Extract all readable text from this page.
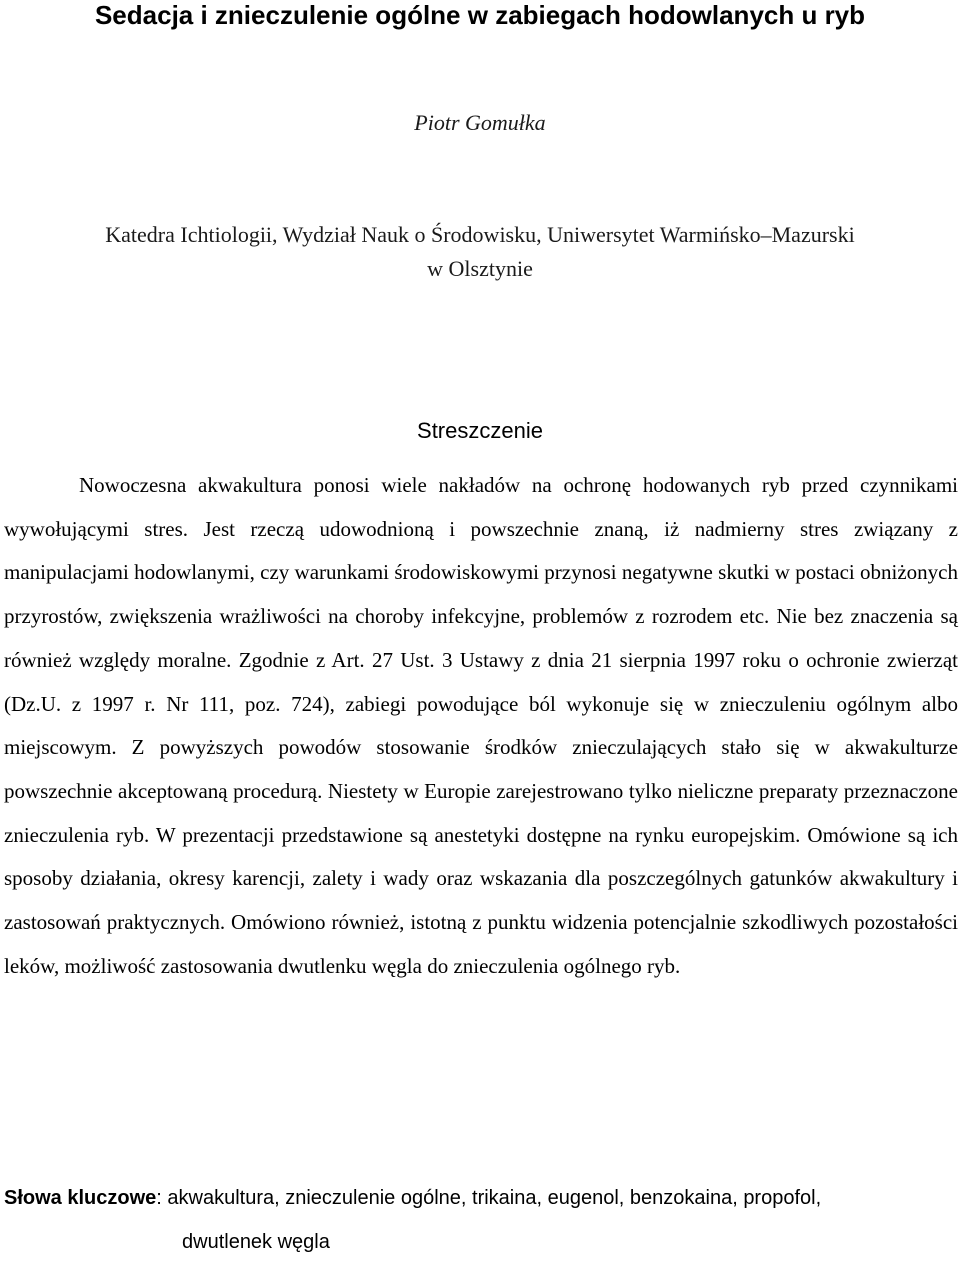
Sedacja i znieczulenie ogólne w zabiegach hodowlanych u ryb
Piotr Gomułka
Katedra Ichtiologii, Wydział Nauk o Środowisku, Uniwersytet Warmińsko–Mazurski
w Olsztynie
Streszczenie

Nowoczesna akwakultura ponosi wiele nakładów na ochronę hodowanych ryb przed czynnikami wywołującymi stres. Jest rzeczą udowodnioną i powszechnie znaną, iż nadmierny stres związany z manipulacjami hodowlanymi, czy warunkami środowiskowymi przynosi negatywne skutki w postaci obniżonych przyrostów, zwiększenia wrażliwości na choroby infekcyjne, problemów z rozrodem etc. Nie bez znaczenia są również względy moralne. Zgodnie z Art. 27 Ust. 3 Ustawy z dnia 21 sierpnia 1997 roku o ochronie zwierząt (Dz.U. z 1997 r. Nr 111, poz. 724), zabiegi powodujące ból wykonuje się w znieczuleniu ogólnym albo miejscowym. Z powyższych powodów stosowanie środków znieczulających stało się w akwakulturze powszechnie akceptowaną procedurą. Niestety w Europie zarejestrowano tylko nieliczne preparaty przeznaczone znieczulenia ryb. W prezentacji przedstawione są anestetyki dostępne na rynku europejskim. Omówione są ich sposoby działania, okresy karencji, zalety i wady oraz wskazania dla poszczególnych gatunków akwakultury i zastosowań praktycznych. Omówiono również, istotną z punktu widzenia potencjalnie szkodliwych pozostałości leków, możliwość zastosowania dwutlenku węgla do znieczulenia ogólnego ryb.

Słowa kluczowe: akwakultura, znieczulenie ogólne, trikaina, eugenol, benzokaina, propofol,
dwutlenek węgla
